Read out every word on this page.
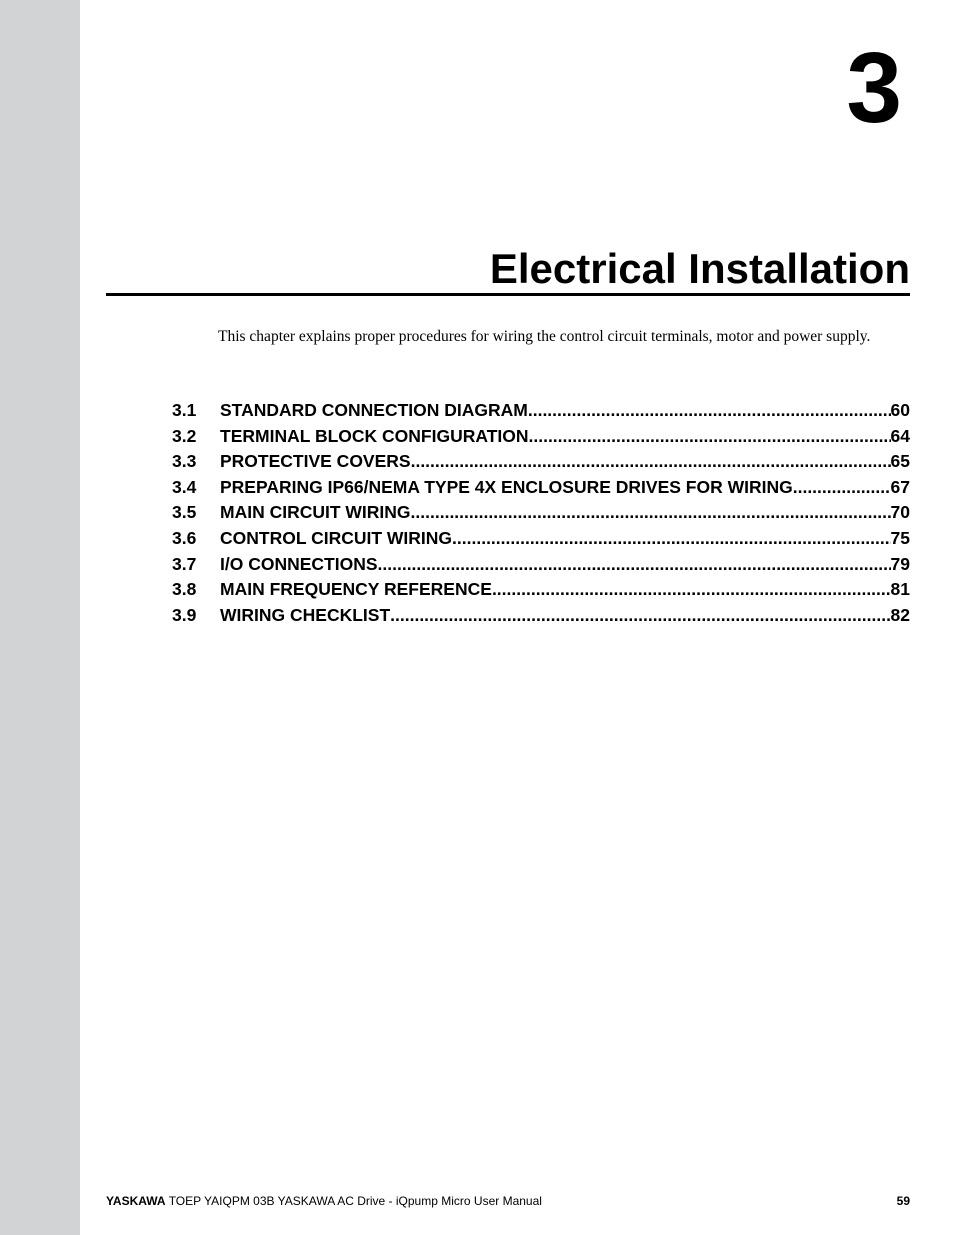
3
Electrical Installation
This chapter explains proper procedures for wiring the control circuit terminals, motor and power supply.
3.1	STANDARD CONNECTION DIAGRAM .....	60
3.2	TERMINAL BLOCK CONFIGURATION .....	64
3.3	PROTECTIVE COVERS .....	65
3.4	PREPARING IP66/NEMA TYPE 4X ENCLOSURE DRIVES FOR WIRING .....	67
3.5	MAIN CIRCUIT WIRING .....	70
3.6	CONTROL CIRCUIT WIRING .....	75
3.7	I/O CONNECTIONS .....	79
3.8	MAIN FREQUENCY REFERENCE .....	81
3.9	WIRING CHECKLIST .....	82
YASKAWA TOEP YAIQPM 03B YASKAWA AC Drive - iQpump Micro User Manual	59
